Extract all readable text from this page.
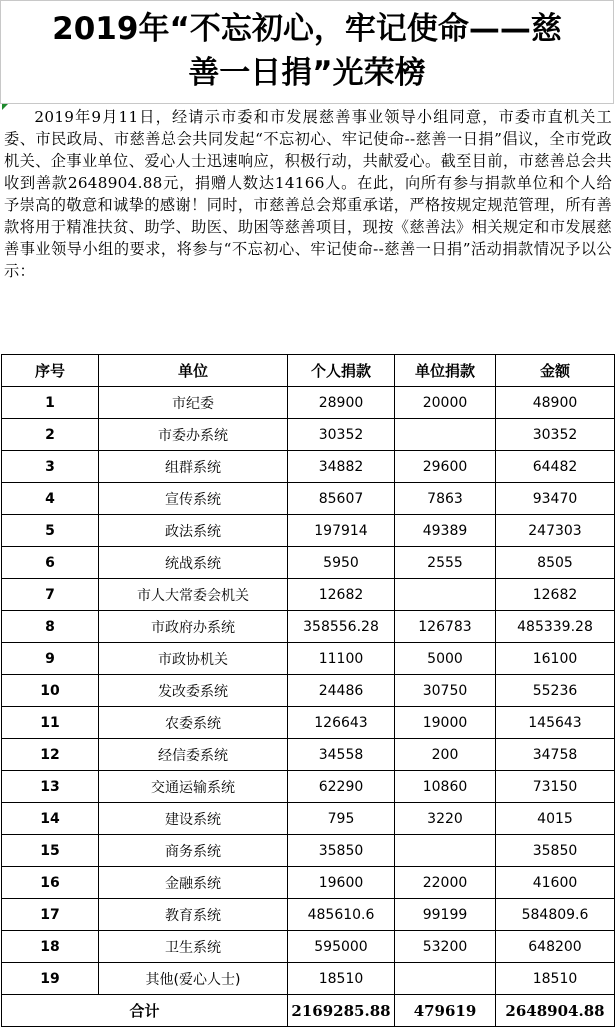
2019年“不忘初心，牢记使命——慈
善一日捐”光荣榜
2019年9月11日，经请示市委和市发展慈善事业领导小组同意，市委市直机关工委、市民政局、市慈善总会共同发起“不忘初心、牢记使命--慈善一日捐”倡议，全市党政机关、企事业单位、爱心人士迅速响应，积极行动，共献爱心。截至目前，市慈善总会共收到善款2648904.88元，捐赠人数达14166人。在此，向所有参与捐款单位和个人给予崇高的敬意和诚挚的感谢！同时，市慈善总会郑重承诺，严格按规定规范管理，所有善款将用于精准扶贫、助学、助医、助困等慈善项目，现按《慈善法》相关规定和市发展慈善事业领导小组的要求，将参与“不忘初心、牢记使命--慈善一日捐”活动捐款情况予以公示：
序号	单位	个人捐款	单位捐款	金额
1	市纪委	28900	20000	48900
2	市委办系统	30352		30352
3	组群系统	34882	29600	64482
4	宣传系统	85607	7863	93470
5	政法系统	197914	49389	247303
6	统战系统	5950	2555	8505
7	市人大常委会机关	12682		12682
8	市政府办系统	358556.28	126783	485339.28
9	市政协机关	11100	5000	16100
10	发改委系统	24486	30750	55236
11	农委系统	126643	19000	145643
12	经信委系统	34558	200	34758
13	交通运输系统	62290	10860	73150
14	建设系统	795	3220	4015
15	商务系统	35850		35850
16	金融系统	19600	22000	41600
17	教育系统	485610.6	99199	584809.6
18	卫生系统	595000	53200	648200
19	其他(爱心人士)	18510		18510
合计		2169285.88	479619	2648904.88
